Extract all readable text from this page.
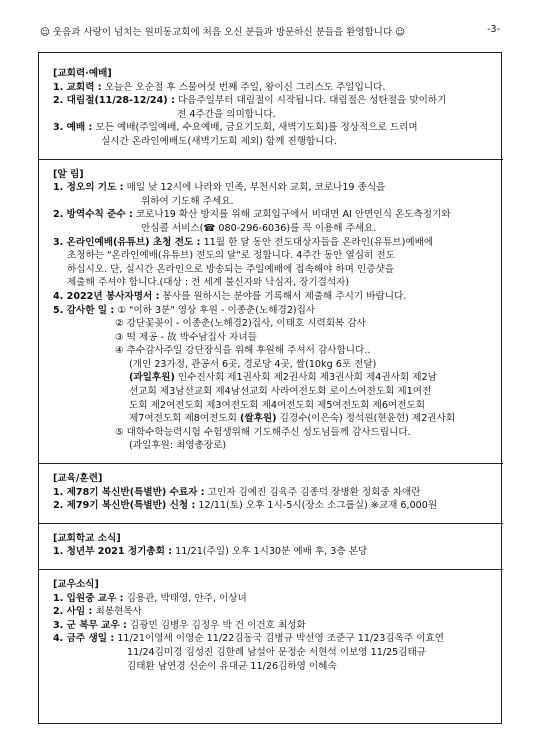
☺ 웃음과 사랑이 넘치는 원미동교회에 처음 오신 분들과 방문하신 분들을 환영합니다 ☺	-3-
[교회력·예배]
1. 교회력 : 오늘은 오순절 후 스물여섯 번째 주일, 왕이신 그리스도 주일입니다.
2. 대림절(11/28-12/24) : 다음주일부터 대림절이 시작됩니다. 대림절은 성탄절을 맞이하기
전 4주간을 의미합니다.
3. 예배 : 모든 예배(주일예배, 수요예배, 금요기도회, 새벽기도회)를 정상적으로 드리며
실시간 온라인예배도(새벽기도회 제외) 함께 진행합니다.
[알 림]
1. 정오의 기도 : 매일 낮 12시에 나라와 민족, 부천시와 교회, 코로나19 종식을
위하여 기도해 주세요.
2. 방역수칙 준수 : 코로나19 확산 방지를 위해 교회입구에서 비대면 AI 안면인식 온도측정기와
안심콜 서비스(☎ 080-296-6036)를 꼭 이용해 주세요.
3. 온라인예배(유튜브) 초청 전도 : 11월 한 달 동안 전도대상자들을 온라인(유튜브)예배에
초청하는 "온라인예배(유튜브) 전도의 달"로 정합니다. 4주간 동안 열심히 전도
하십시오. 단, 실시간 온라인으로 방송되는 주일예배에 접속해야 하며 인증샷을
제출해 주셔야 합니다.(대상 : 전 세계 불신자와 낙심자, 장기결석자)
4. 2022년 봉사자명서 : 봉사를 원하시는 분야를 기록해서 제출해 주시기 바랍니다.
5. 감사한 일 : ① "이하 3분" 영상 후원 - 이종춘(노해경2)집사
② 강단꽃꽂이 - 이종춘(노해경2)집사, 이태호 시력회복 감사
③ 떡 제공 - 故 박수남집사 자녀들
④ 추수감사주일 강단장식을 위해 후원해 주셔서 감사합니다..
(개인 23가정, 관공서 6곳, 경로당 4곳, 쌀(10kg 6포 전달)
(과일후원) 인수진사회 제1권사회 제2권사회 제3권사회 제4권사회 제2남
선교회 제3남선교회 제4남선교회 사라여전도회 로이스여전도회 제1여전
도회 제2여전도회 제3여전도회 제4여전도회 제5여전도회 제6여전도회
제7여전도회 제8여전도회 (쌀후원) 김경수(이은숙) 정석원(현윤현) 제2권사회
⑤ 대학수학능력시험 수험생위해 기도해주신 성도님들께 감사드립니다.
(과일후원: 최영총장로)
[교육/훈련]
1. 제78기 복신반(특별반) 수료자 : 고인자 김예진 김육주 김종덕 장병환 정회중 차애란
2. 제79기 복신반(특별반) 신청 : 12/11(토) 오후 1시-5시(장소 소그룹실) ※교재 6,000원
[교회학교 소식]
1. 청년부 2021 정기총회 : 11/21(주일) 오후 1시30분 예배 후, 3층 본당
[교우소식]
1. 입원중 교우 : 김용관, 박태영, 안주, 이상녀
2. 사임 : 최봉현목사
3. 군 복무 교우 : 김광민 김병우 김정우 박 건 이건호 최성화
4. 금주 생일 : 11/21이영세 이영순 11/22김동국 김병규 박선영 조준구 11/23김옥주 이효연
11/24김미경 김성진 김한례 남설아 문정순 서현석 이보영 11/25김태규
김태환 남연경 신순이 유대균 11/26김하영 이혜숙
